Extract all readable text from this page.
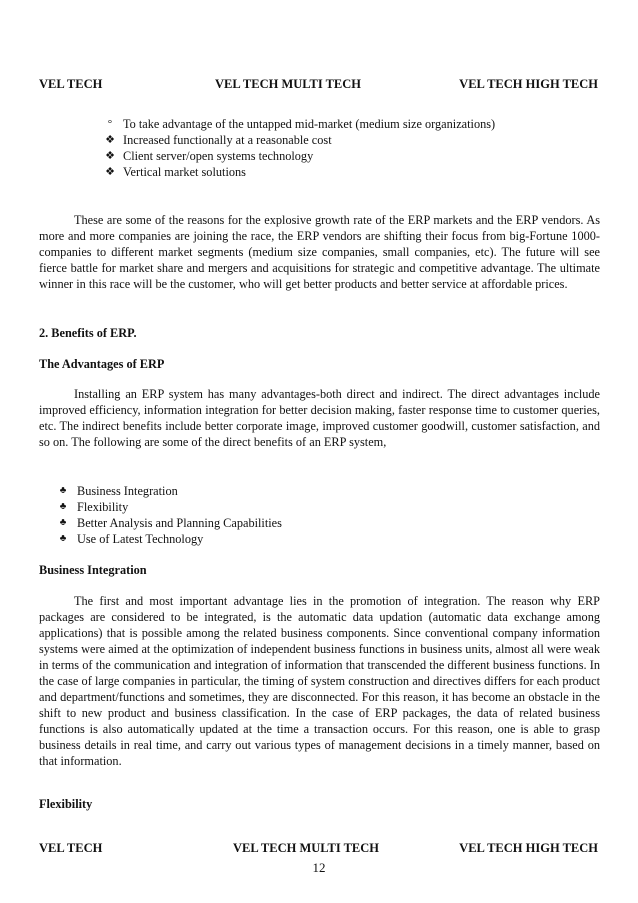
VEL TECH	VEL TECH MULTI TECH	VEL TECH HIGH TECH
° To take advantage of the untapped mid-market (medium size organizations)
❖ Increased functionally at a reasonable cost
❖ Client server/open systems technology
❖ Vertical market solutions

These are some of the reasons for the explosive growth rate of the ERP markets and the ERP vendors. As more and more companies are joining the race, the ERP vendors are shifting their focus from big-Fortune 1000-companies to different market segments (medium size companies, small companies, etc). The future will see fierce battle for market share and mergers and acquisitions for strategic and competitive advantage. The ultimate winner in this race will be the customer, who will get better products and better service at affordable prices.

2. Benefits of ERP.

The Advantages of ERP

Installing an ERP system has many advantages-both direct and indirect. The direct advantages include improved efficiency, information integration for better decision making, faster response time to customer queries, etc. The indirect benefits include better corporate image, improved customer goodwill, customer satisfaction, and so on. The following are some of the direct benefits of an ERP system,

♣ Business Integration
♣ Flexibility
♣ Better Analysis and Planning Capabilities
♣ Use of Latest Technology

Business Integration

The first and most important advantage lies in the promotion of integration. The reason why ERP packages are considered to be integrated, is the automatic data updation (automatic data exchange among applications) that is possible among the related business components. Since conventional company information systems were aimed at the optimization of independent business functions in business units, almost all were weak in terms of the communication and integration of information that transcended the different business functions. In the case of large companies in particular, the timing of system construction and directives differs for each product and department/functions and sometimes, they are disconnected. For this reason, it has become an obstacle in the shift to new product and business classification. In the case of ERP packages, the data of related business functions is also automatically updated at the time a transaction occurs. For this reason, one is able to grasp business details in real time, and carry out various types of management decisions in a timely manner, based on that information.

Flexibility

VEL TECH	VEL TECH MULTI TECH	VEL TECH HIGH TECH
12
